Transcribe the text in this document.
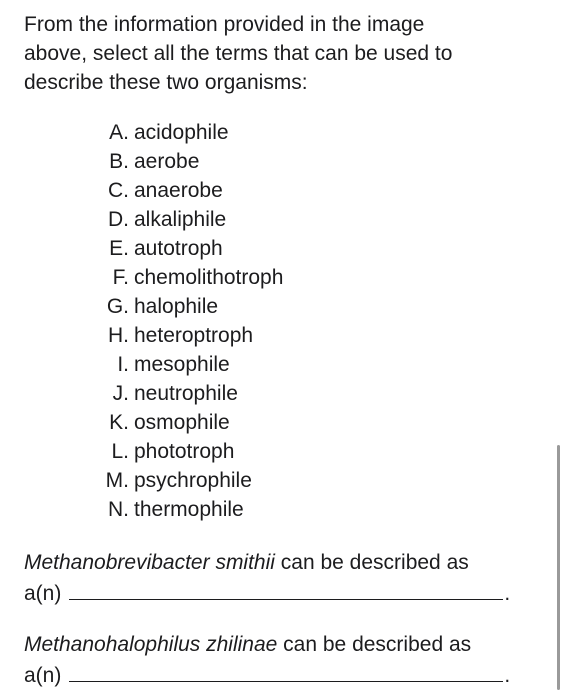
From the information provided in the image
above, select all the terms that can be used to
describe these two organisms:
A. acidophile
B. aerobe
C. anaerobe
D. alkaliphile
E. autotroph
F. chemolithotroph
G. halophile
H. heteroptroph
I. mesophile
J. neutrophile
K. osmophile
L. phototroph
M. psychrophile
N. thermophile
Methanobrevibacter smithii can be described as
a(n)	.
Methanohalophilus zhilinae can be described as
a(n)	.
